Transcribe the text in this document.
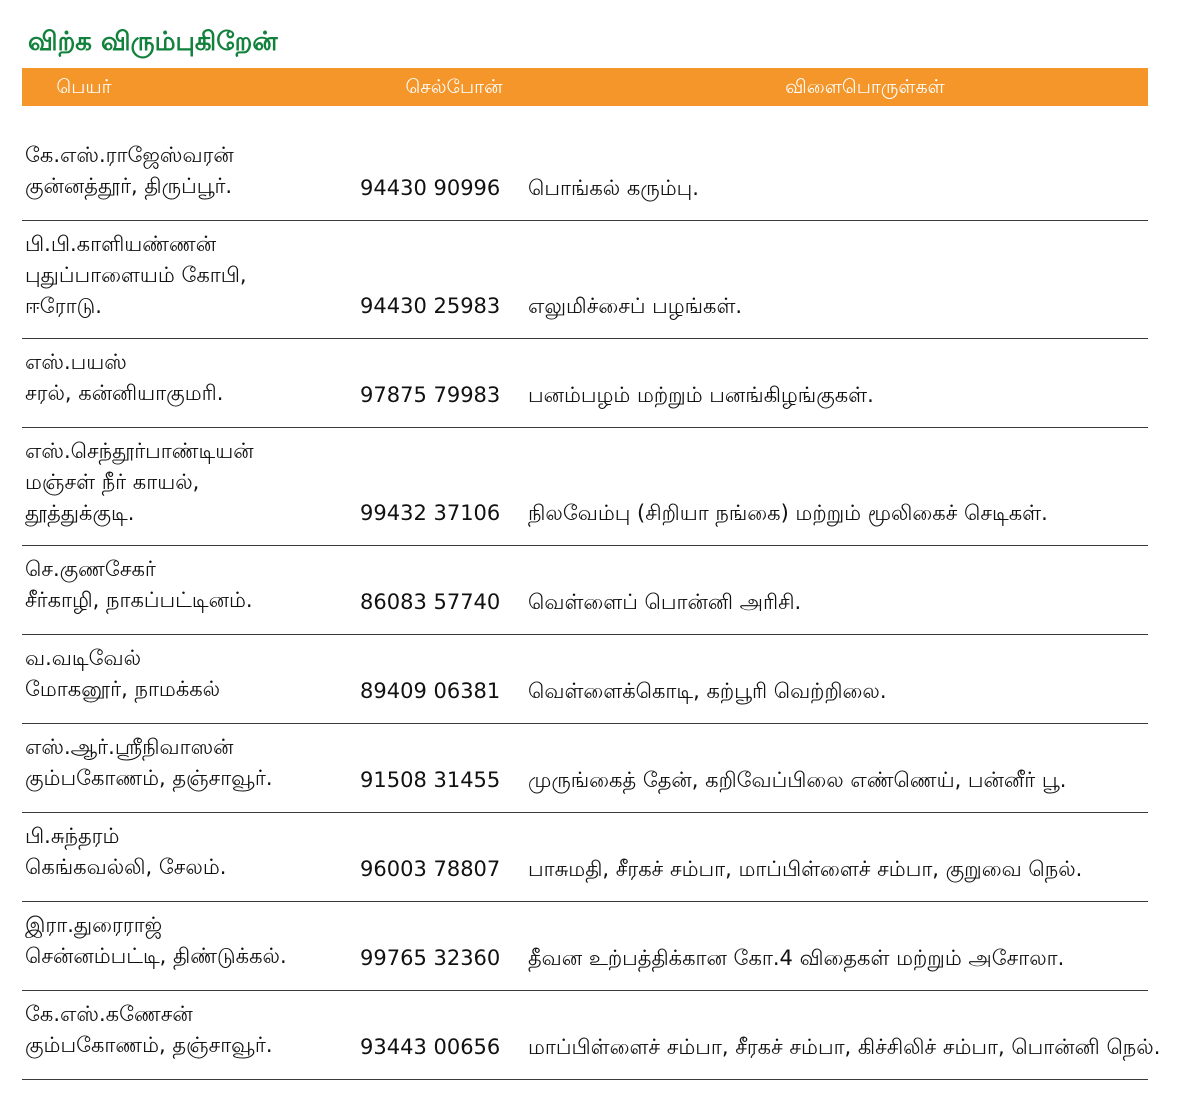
விற்க விரும்புகிறேன்
பெயர்	செல்போன்	விளைபொருள்கள்
கே.எஸ்.ராஜேஸ்வரன்
குன்னத்தூர், திருப்பூர்.	94430 90996 பொங்கல் கரும்பு.
பி.பி.காளியண்ணன்
புதுப்பாளையம் கோபி,
ஈரோடு.	94430 25983 எலுமிச்சைப் பழங்கள்.
எஸ்.பயஸ்
சரல், கன்னியாகுமரி.	97875 79983 பனம்பழம் மற்றும் பனங்கிழங்குகள்.
எஸ்.செந்தூர்பாண்டியன்
மஞ்சள் நீர் காயல்,
தூத்துக்குடி.	99432 37106 நிலவேம்பு (சிறியா நங்கை) மற்றும் மூலிகைச் செடிகள்.
செ.குணசேகர்
சீர்காழி, நாகப்பட்டினம்.	86083 57740 வெள்ளைப் பொன்னி அரிசி.
வ.வடிவேல்
மோகனூர், நாமக்கல்	89409 06381 வெள்ளைக்கொடி, கற்பூரி வெற்றிலை.
எஸ்.ஆர்.ஸ்ரீநிவாஸன்
கும்பகோணம், தஞ்சாவூர்.	91508 31455 முருங்கைத் தேன், கறிவேப்பிலை எண்ணெய், பன்னீர் பூ.
பி.சுந்தரம்
கெங்கவல்லி, சேலம்.	96003 78807 பாசுமதி, சீரகச் சம்பா, மாப்பிள்ளைச் சம்பா, குறுவை நெல்.
இரா.துரைராஜ்
சென்னம்பட்டி, திண்டுக்கல்.	99765 32360 தீவன உற்பத்திக்கான கோ.4 விதைகள் மற்றும் அசோலா.
கே.எஸ்.கணேசன்
கும்பகோணம், தஞ்சாவூர்.	93443 00656 மாப்பிள்ளைச் சம்பா, சீரகச் சம்பா, கிச்சிலிச் சம்பா, பொன்னி நெல்.
